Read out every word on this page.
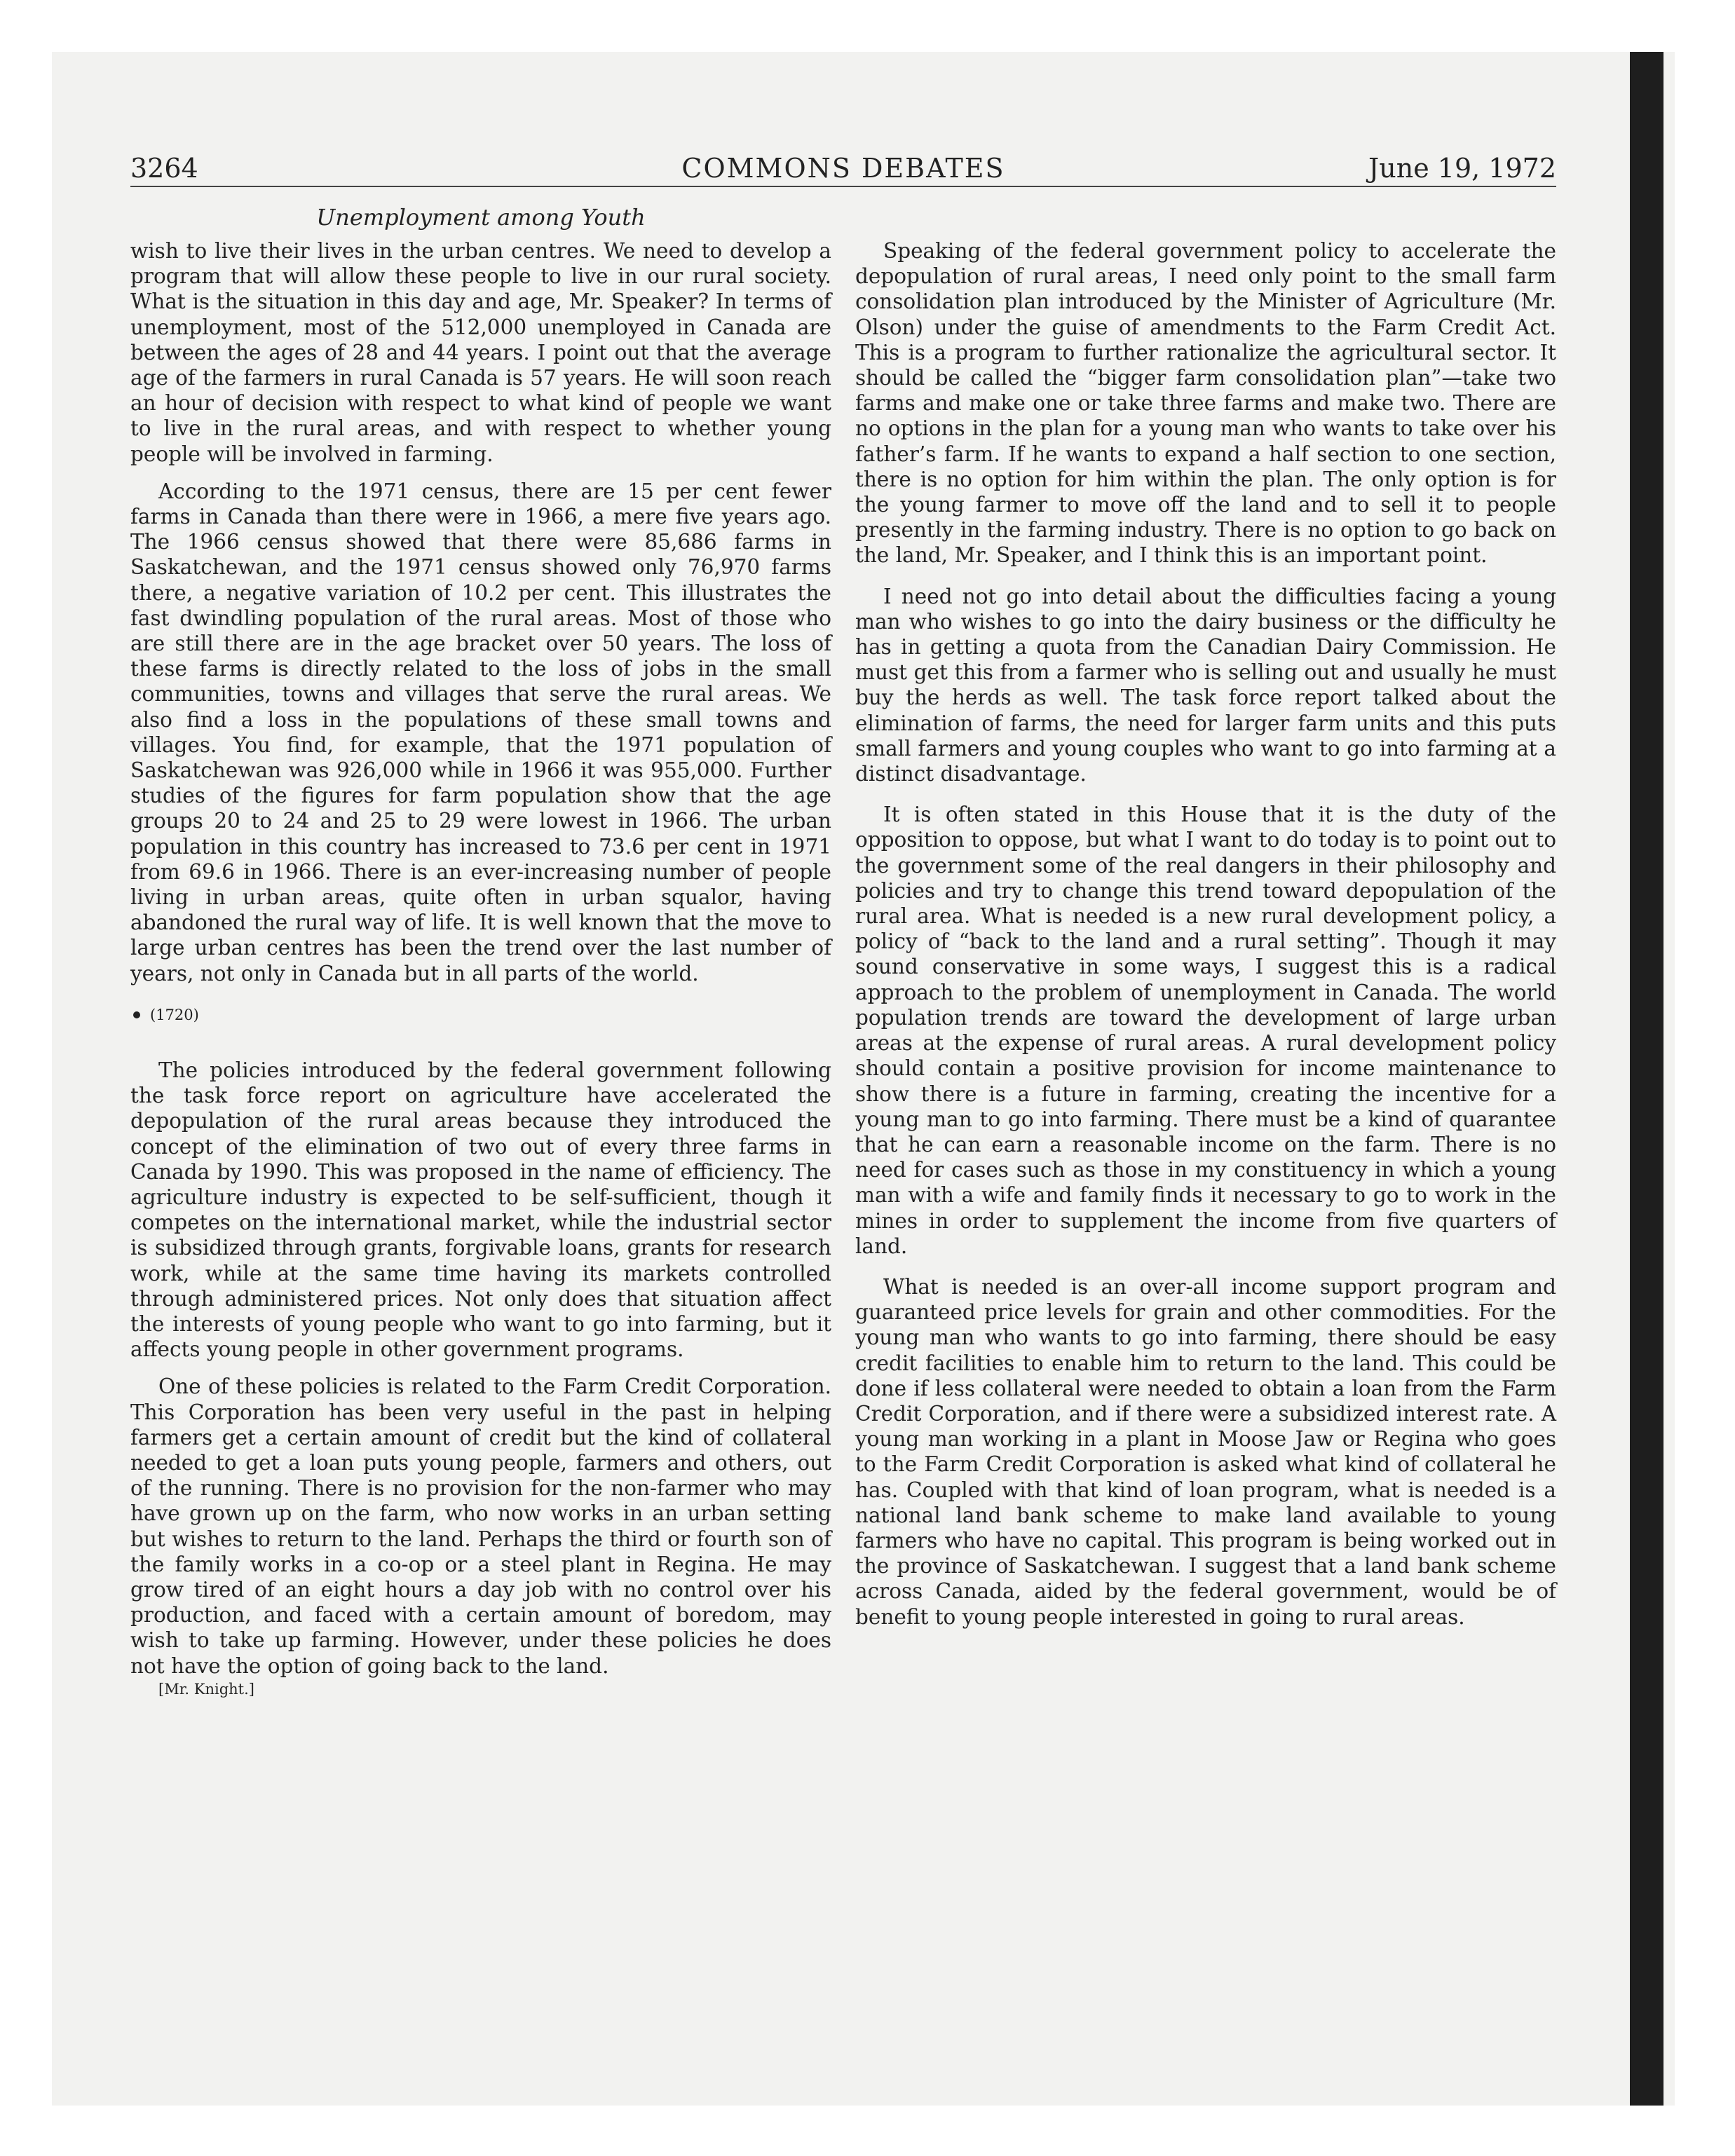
3264	COMMONS DEBATES	June 19, 1972
Unemployment among Youth

wish to live their lives in the urban centres. We need to develop a program that will allow these people to live in our rural society. What is the situation in this day and age, Mr. Speaker? In terms of unemployment, most of the 512,000 unemployed in Canada are between the ages of 28 and 44 years. I point out that the average age of the farmers in rural Canada is 57 years. He will soon reach an hour of decision with respect to what kind of people we want to live in the rural areas, and with respect to whether young people will be involved in farming.

According to the 1971 census, there are 15 per cent fewer farms in Canada than there were in 1966, a mere five years ago. The 1966 census showed that there were 85,686 farms in Saskatchewan, and the 1971 census showed only 76,970 farms there, a negative variation of 10.2 per cent. This illustrates the fast dwindling population of the rural areas. Most of those who are still there are in the age bracket over 50 years. The loss of these farms is directly related to the loss of jobs in the small communities, towns and villages that serve the rural areas. We also find a loss in the populations of these small towns and villages. You find, for example, that the 1971 population of Saskatchewan was 926,000 while in 1966 it was 955,000. Further studies of the figures for farm population show that the age groups 20 to 24 and 25 to 29 were lowest in 1966. The urban population in this country has increased to 73.6 per cent in 1971 from 69.6 in 1966. There is an ever-increasing number of people living in urban areas, quite often in urban squalor, having abandoned the rural way of life. It is well known that the move to large urban centres has been the trend over the last number of years, not only in Canada but in all parts of the world.

(1720)

The policies introduced by the federal government following the task force report on agriculture have accelerated the depopulation of the rural areas because they introduced the concept of the elimination of two out of every three farms in Canada by 1990. This was proposed in the name of efficiency. The agriculture industry is expected to be self-sufficient, though it competes on the international market, while the industrial sector is subsidized through grants, forgivable loans, grants for research work, while at the same time having its markets controlled through administered prices. Not only does that situation affect the interests of young people who want to go into farming, but it affects young people in other government programs.

One of these policies is related to the Farm Credit Corporation. This Corporation has been very useful in the past in helping farmers get a certain amount of credit but the kind of collateral needed to get a loan puts young people, farmers and others, out of the running. There is no provision for the non-farmer who may have grown up on the farm, who now works in an urban setting but wishes to return to the land. Perhaps the third or fourth son of the family works in a co-op or a steel plant in Regina. He may grow tired of an eight hours a day job with no control over his production, and faced with a certain amount of boredom, may wish to take up farming. However, under these policies he does not have the option of going back to the land.

[Mr. Knight.]

Speaking of the federal government policy to accelerate the depopulation of rural areas, I need only point to the small farm consolidation plan introduced by the Minister of Agriculture (Mr. Olson) under the guise of amendments to the Farm Credit Act. This is a program to further rationalize the agricultural sector. It should be called the “bigger farm consolidation plan”—take two farms and make one or take three farms and make two. There are no options in the plan for a young man who wants to take over his father’s farm. If he wants to expand a half section to one section, there is no option for him within the plan. The only option is for the young farmer to move off the land and to sell it to people presently in the farming industry. There is no option to go back on the land, Mr. Speaker, and I think this is an important point.

I need not go into detail about the difficulties facing a young man who wishes to go into the dairy business or the difficulty he has in getting a quota from the Canadian Dairy Commission. He must get this from a farmer who is selling out and usually he must buy the herds as well. The task force report talked about the elimination of farms, the need for larger farm units and this puts small farmers and young couples who want to go into farming at a distinct disadvantage.

It is often stated in this House that it is the duty of the opposition to oppose, but what I want to do today is to point out to the government some of the real dangers in their philosophy and policies and try to change this trend toward depopulation of the rural area. What is needed is a new rural development policy, a policy of “back to the land and a rural setting”. Though it may sound conservative in some ways, I suggest this is a radical approach to the problem of unemployment in Canada. The world population trends are toward the development of large urban areas at the expense of rural areas. A rural development policy should contain a positive provision for income maintenance to show there is a future in farming, creating the incentive for a young man to go into farming. There must be a kind of quarantee that he can earn a reasonable income on the farm. There is no need for cases such as those in my constituency in which a young man with a wife and family finds it necessary to go to work in the mines in order to supplement the income from five quarters of land.

What is needed is an over-all income support program and guaranteed price levels for grain and other commodities. For the young man who wants to go into farming, there should be easy credit facilities to enable him to return to the land. This could be done if less collateral were needed to obtain a loan from the Farm Credit Corporation, and if there were a subsidized interest rate. A young man working in a plant in Moose Jaw or Regina who goes to the Farm Credit Corporation is asked what kind of collateral he has. Coupled with that kind of loan program, what is needed is a national land bank scheme to make land available to young farmers who have no capital. This program is being worked out in the province of Saskatchewan. I suggest that a land bank scheme across Canada, aided by the federal government, would be of benefit to young people interested in going to rural areas.
